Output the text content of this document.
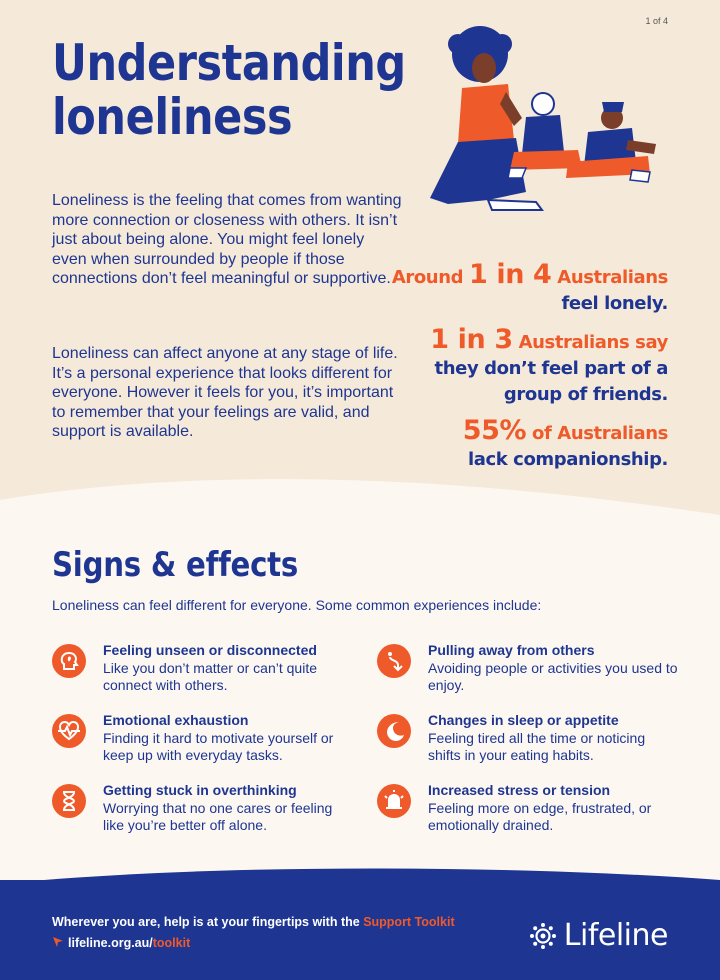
1 of 4
Understanding
loneliness

Loneliness is the feeling that comes from wanting more connection or closeness with others. It isn’t just about being alone. You might feel lonely even when surrounded by people if those connections don’t feel meaningful or supportive.

Loneliness can affect anyone at any stage of life. It’s a personal experience that looks different for everyone. However it feels for you, it’s important to remember that your feelings are valid, and support is available.

Around 1 in 4 Australians
feel lonely.
1 in 3 Australians say
they don’t feel part of a
group of friends.
55% of Australians
lack companionship.
Signs & effects

Loneliness can feel different for everyone. Some common experiences include:

Feeling unseen or disconnected
Like you don’t matter or can’t quite connect with others.
Emotional exhaustion
Finding it hard to motivate yourself or keep up with everyday tasks.
Getting stuck in overthinking
Worrying that no one cares or feeling like you’re better off alone.
Pulling away from others
Avoiding people or activities you used to enjoy.
Changes in sleep or appetite
Feeling tired all the time or noticing shifts in your eating habits.
Increased stress or tension
Feeling more on edge, frustrated, or emotionally drained.
Wherever you are, help is at your fingertips with the Support Toolkit
lifeline.org.au/toolkit	Lifeline
